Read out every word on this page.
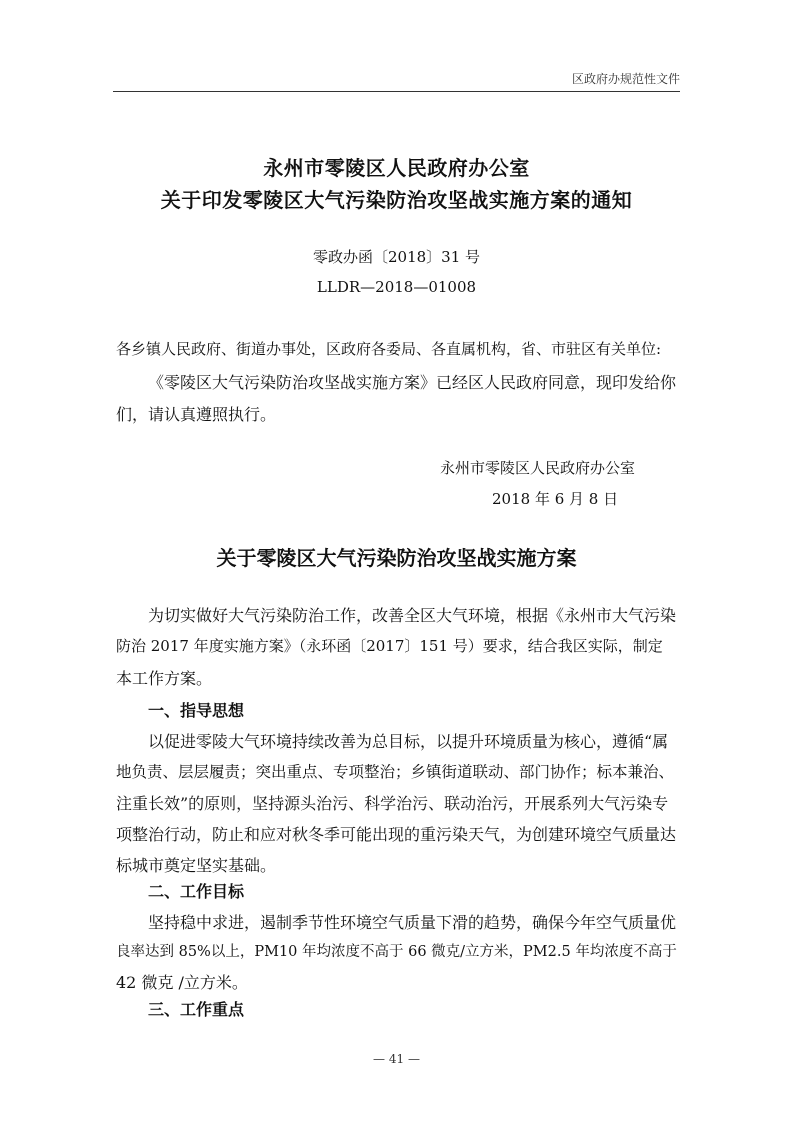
区政府办规范性文件
永州市零陵区人民政府办公室
关于印发零陵区大气污染防治攻坚战实施方案的通知
零政办函〔2018〕31 号
LLDR—2018—01008
各乡镇人民政府、街道办事处，区政府各委局、各直属机构，省、市驻区有关单位:
《零陵区大气污染防治攻坚战实施方案》已经区人民政府同意，现印发给你
们，请认真遵照执行。
永州市零陵区人民政府办公室
2018 年 6 月 8 日
关于零陵区大气污染防治攻坚战实施方案
为切实做好大气污染防治工作，改善全区大气环境，根据《永州市大气污染
防治 2017 年度实施方案》（永环函〔2017〕151 号）要求，结合我区实际，制定
本工作方案。
一、指导思想
以促进零陵大气环境持续改善为总目标，以提升环境质量为核心，遵循“属
地负责、层层履责；突出重点、专项整治；乡镇街道联动、部门协作；标本兼治、
注重长效”的原则，坚持源头治污、科学治污、联动治污，开展系列大气污染专
项整治行动，防止和应对秋冬季可能出现的重污染天气，为创建环境空气质量达
标城市奠定坚实基础。
二、工作目标
坚持稳中求进，遏制季节性环境空气质量下滑的趋势，确保今年空气质量优
良率达到 85%以上，PM10 年均浓度不高于 66 微克/立方米，PM2.5 年均浓度不高于
42 微克 /立方米。
三、工作重点
— 41 —
